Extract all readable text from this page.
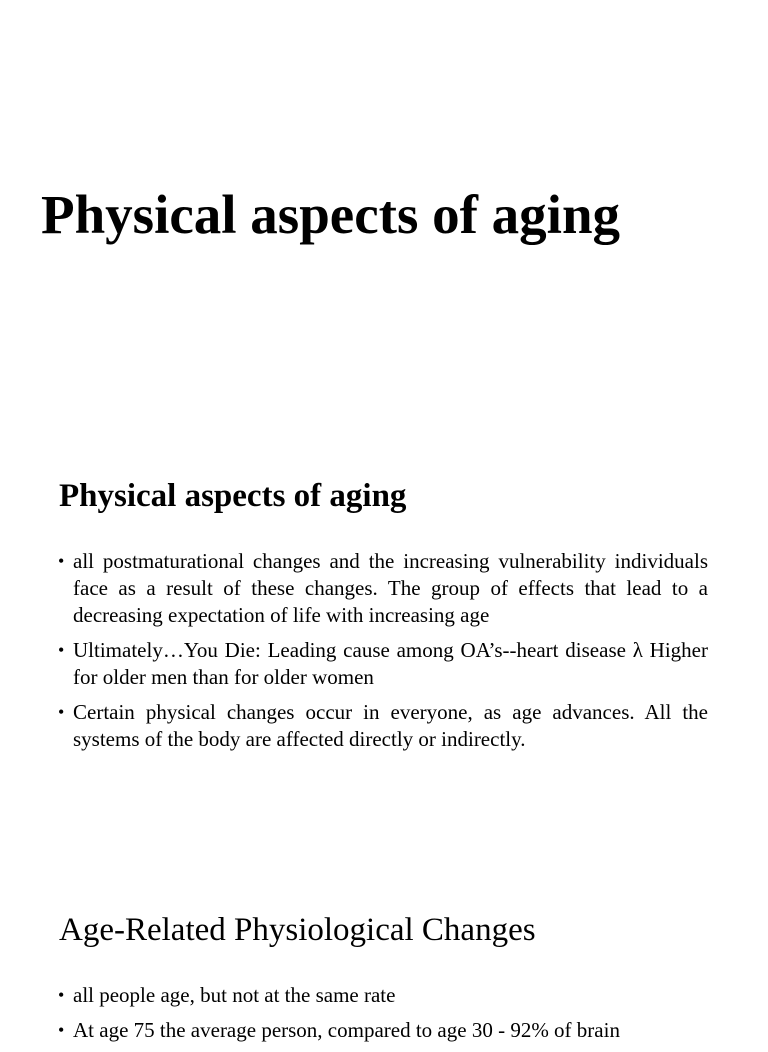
Physical aspects of aging
Physical aspects of aging
• all postmaturational changes and the increasing vulnerability individuals face as a result of these changes. The group of effects that lead to a decreasing expectation of life with increasing age
• Ultimately…You Die: Leading cause among OA’s--heart disease λ Higher for older men than for older women
• Certain physical changes occur in everyone, as age advances. All the systems of the body are affected directly or indirectly.
Age-Related Physiological Changes
• all people age, but not at the same rate
• At age 75 the average person, compared to age 30 - 92% of brain
